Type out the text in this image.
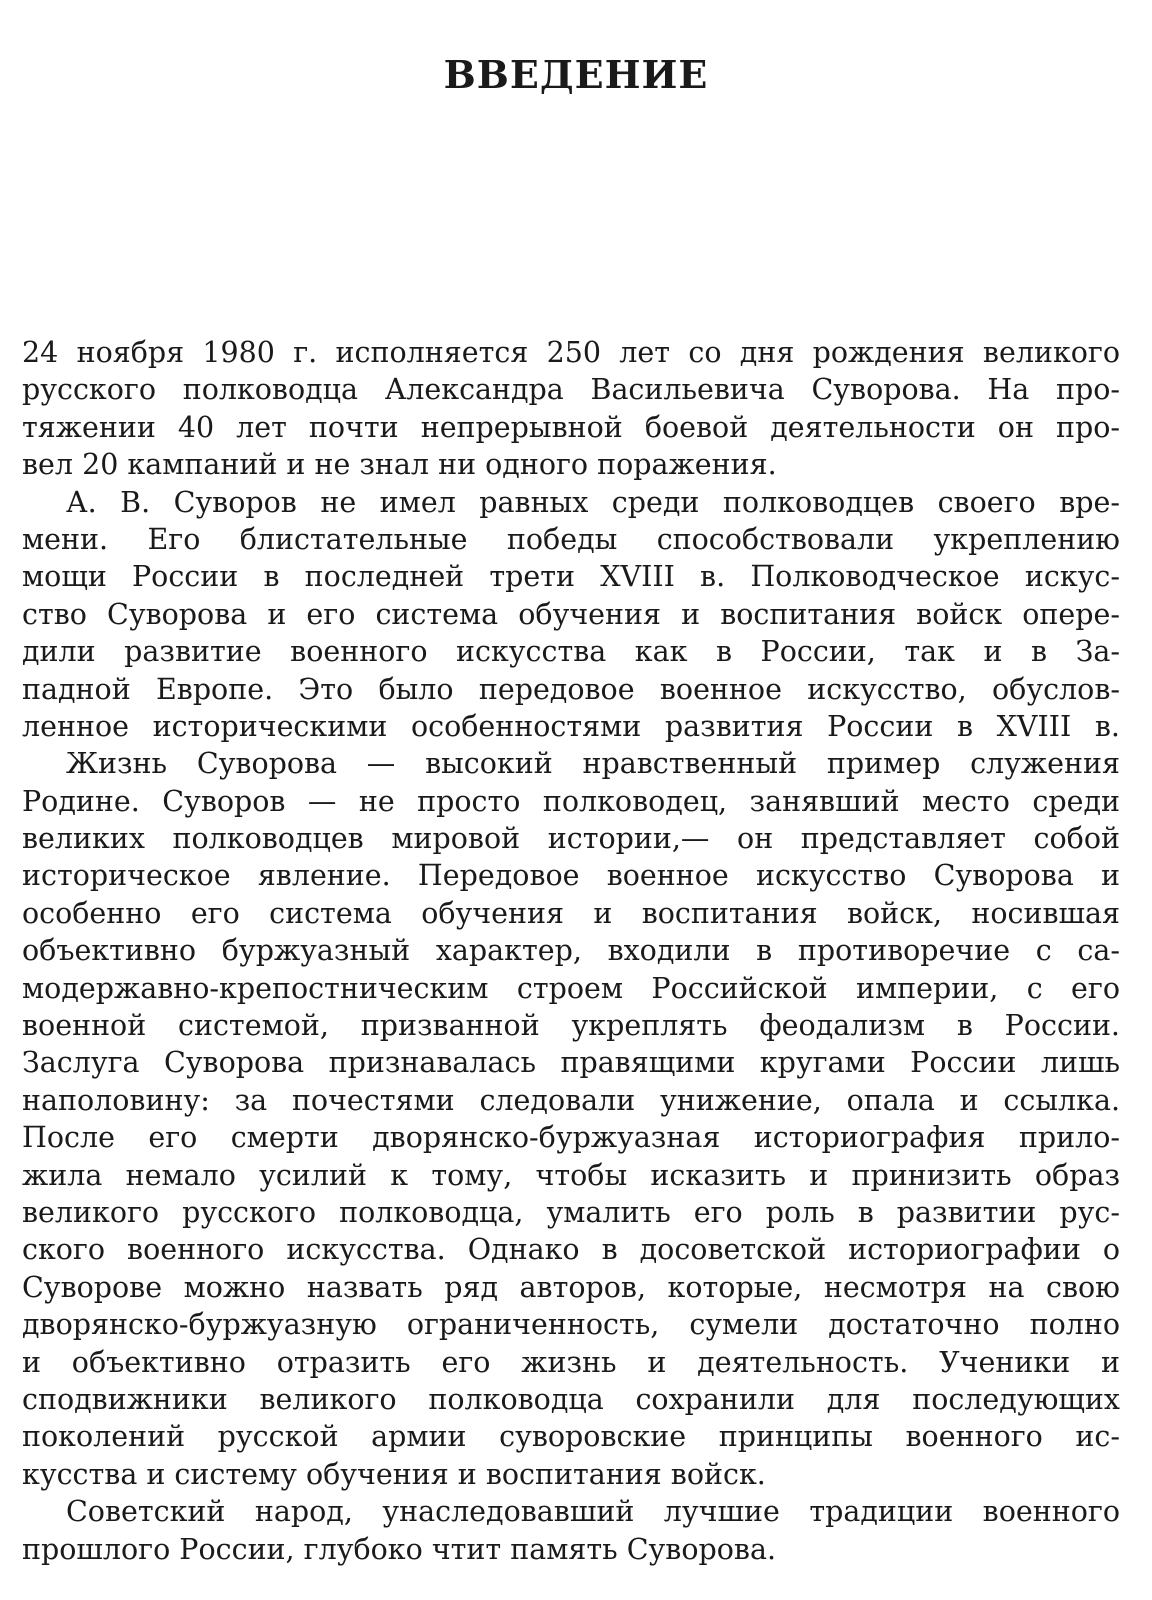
ВВЕДЕНИЕ
24 ноября 1980 г. исполняется 250 лет со дня рождения великого
русского полководца Александра Васильевича Суворова. На про-
тяжении 40 лет почти непрерывной боевой деятельности он про-
вел 20 кампаний и не знал ни одного поражения.
А. В. Суворов не имел равных среди полководцев своего вре-
мени. Его блистательные победы способствовали укреплению
мощи России в последней трети XVIII в. Полководческое искус-
ство Суворова и его система обучения и воспитания войск опере-
дили развитие военного искусства как в России, так и в За-
падной Европе. Это было передовое военное искусство, обуслов-
ленное историческими особенностями развития России в XVIII в.
Жизнь Суворова — высокий нравственный пример служения
Родине. Суворов — не просто полководец, занявший место среди
великих полководцев мировой истории,— он представляет собой
историческое явление. Передовое военное искусство Суворова и
особенно его система обучения и воспитания войск, носившая
объективно буржуазный характер, входили в противоречие с са-
модержавно-крепостническим строем Российской империи, с его
военной системой, призванной укреплять феодализм в России.
Заслуга Суворова признавалась правящими кругами России лишь
наполовину: за почестями следовали унижение, опала и ссылка.
После его смерти дворянско-буржуазная историография прило-
жила немало усилий к тому, чтобы исказить и принизить образ
великого русского полководца, умалить его роль в развитии рус-
ского военного искусства. Однако в досоветской историографии о
Суворове можно назвать ряд авторов, которые, несмотря на свою
дворянско-буржуазную ограниченность, сумели достаточно полно
и объективно отразить его жизнь и деятельность. Ученики и
сподвижники великого полководца сохранили для последующих
поколений русской армии суворовские принципы военного ис-
кусства и систему обучения и воспитания войск.
Советский народ, унаследовавший лучшие традиции военного
прошлого России, глубоко чтит память Суворова.
